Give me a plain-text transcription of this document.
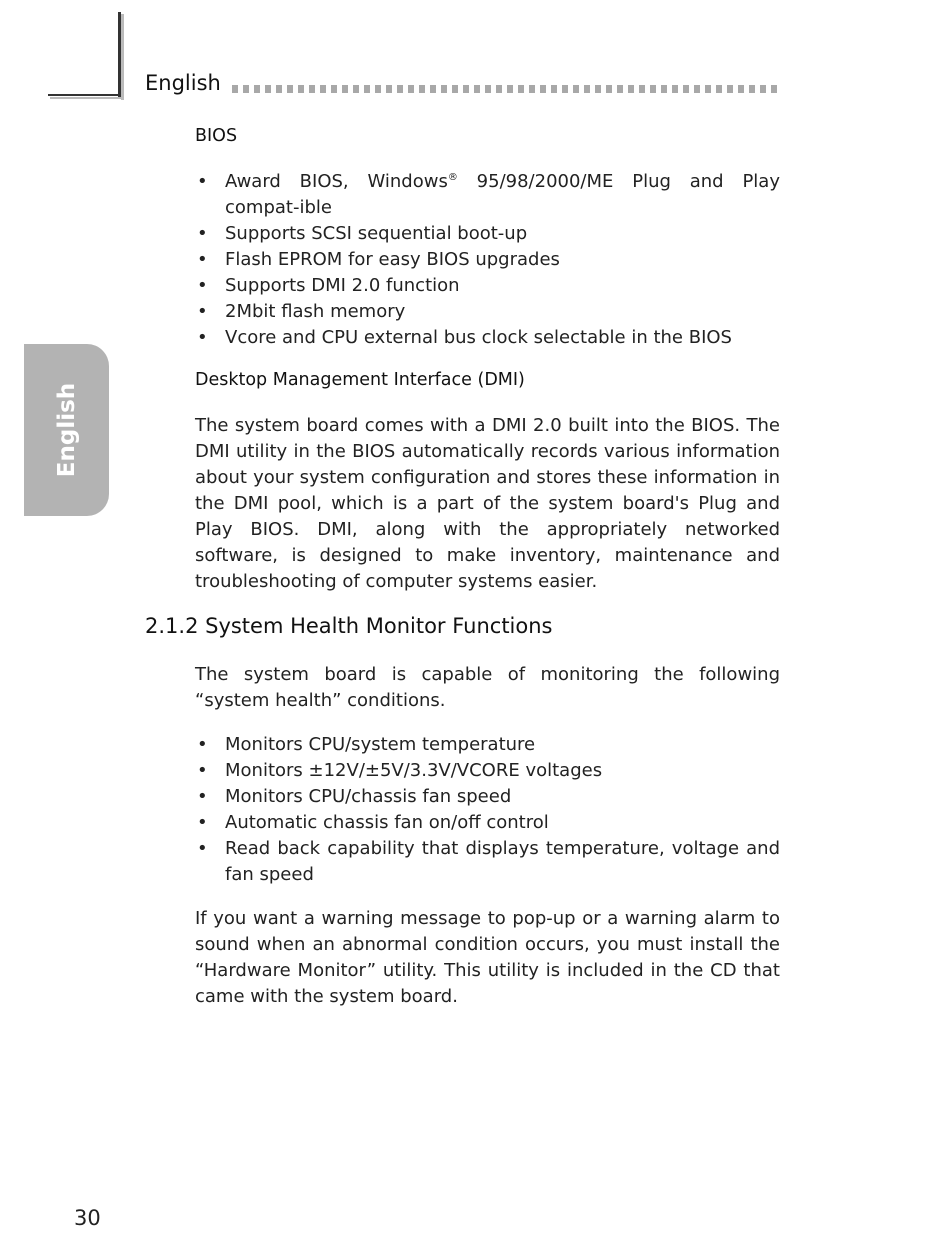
English
English
BIOS
• Award BIOS, Windows® 95/98/2000/ME Plug and Play compat-ible
• Supports SCSI sequential boot-up
• Flash EPROM for easy BIOS upgrades
• Supports DMI 2.0 function
• 2Mbit flash memory
• Vcore and CPU external bus clock selectable in the BIOS
Desktop Management Interface (DMI)
The system board comes with a DMI 2.0 built into the BIOS. The DMI utility in the BIOS automatically records various information about your system configuration and stores these information in the DMI pool, which is a part of the system board's Plug and Play BIOS. DMI, along with the appropriately networked software, is designed to make inventory, maintenance and troubleshooting of computer systems easier.
The system board is capable of monitoring the following “system health” conditions.
• Monitors CPU/system temperature
• Monitors ±12V/±5V/3.3V/VCORE voltages
• Monitors CPU/chassis fan speed
• Automatic chassis fan on/off control
• Read back capability that displays temperature, voltage and fan speed
If you want a warning message to pop-up or a warning alarm to sound when an abnormal condition occurs, you must install the “Hardware Monitor” utility. This utility is included in the CD that came with the system board.
2.1.2 System Health Monitor Functions
30
